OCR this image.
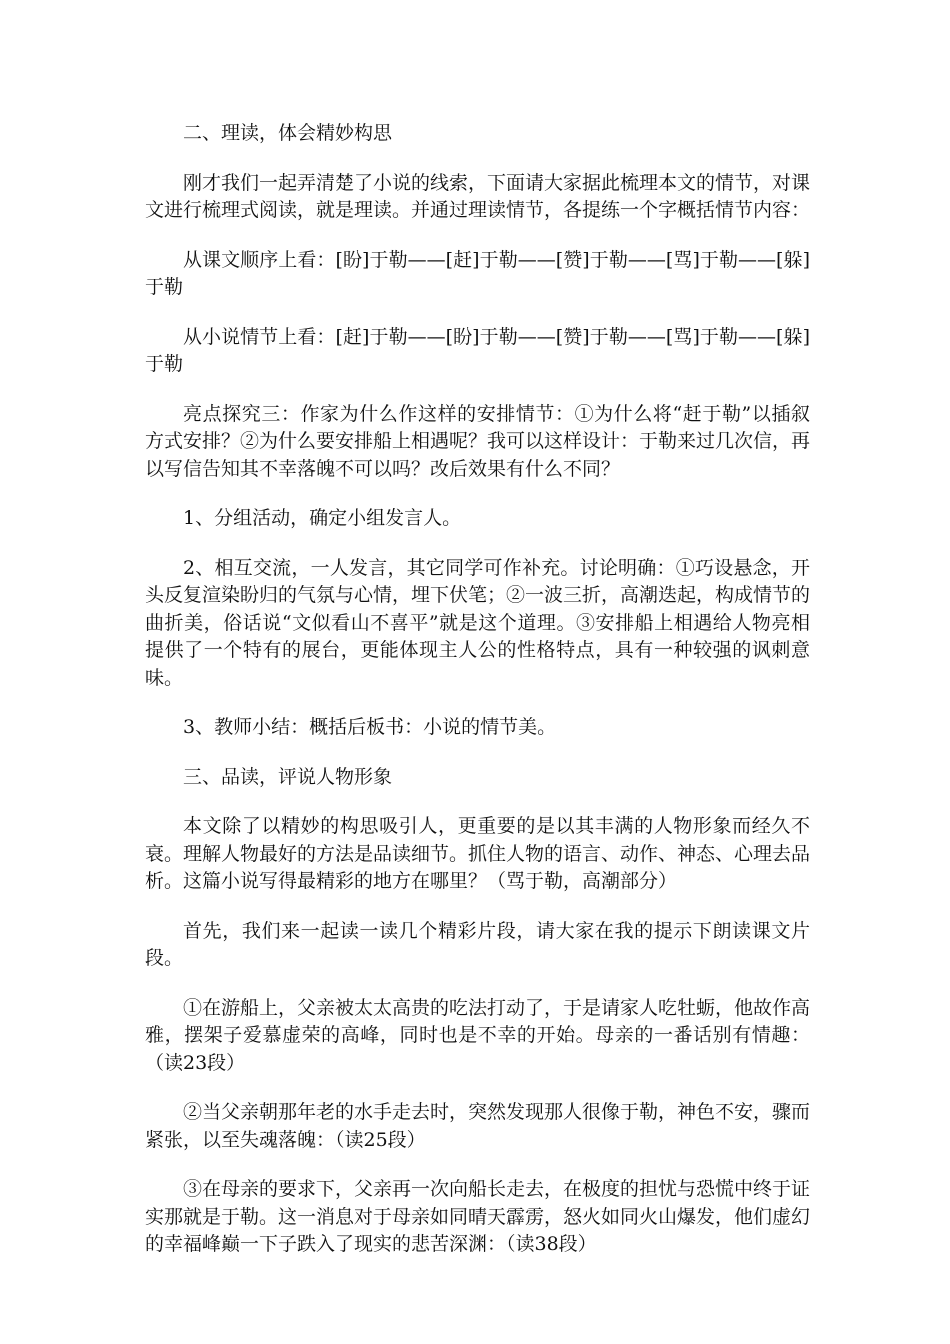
二、理读，体会精妙构思

刚才我们一起弄清楚了小说的线索，下面请大家据此梳理本文的情节，对课文进行梳理式阅读，就是理读。并通过理读情节，各提练一个字概括情节内容：

从课文顺序上看：[盼]于勒——[赶]于勒——[赞]于勒——[骂]于勒——[躲]于勒

从小说情节上看：[赶]于勒——[盼]于勒——[赞]于勒——[骂]于勒——[躲]于勒

亮点探究三：作家为什么作这样的安排情节：①为什么将“赶于勒”以插叙方式安排？②为什么要安排船上相遇呢？我可以这样设计：于勒来过几次信，再以写信告知其不幸落魄不可以吗？改后效果有什么不同？

1、分组活动，确定小组发言人。

2、相互交流，一人发言，其它同学可作补充。讨论明确：①巧设悬念，开头反复渲染盼归的气氛与心情，埋下伏笔；②一波三折，高潮迭起，构成情节的曲折美，俗话说“文似看山不喜平”就是这个道理。③安排船上相遇给人物亮相提供了一个特有的展台，更能体现主人公的性格特点，具有一种较强的讽刺意味。

3、教师小结：概括后板书：小说的情节美。

三、品读，评说人物形象

本文除了以精妙的构思吸引人，更重要的是以其丰满的人物形象而经久不衰。理解人物最好的方法是品读细节。抓住人物的语言、动作、神态、心理去品析。这篇小说写得最精彩的地方在哪里？（骂于勒，高潮部分）

首先，我们来一起读一读几个精彩片段，请大家在我的提示下朗读课文片段。

①在游船上，父亲被太太高贵的吃法打动了，于是请家人吃牡蛎，他故作高雅，摆架子爱慕虚荣的高峰，同时也是不幸的开始。母亲的一番话别有情趣：（读23段）

②当父亲朝那年老的水手走去时，突然发现那人很像于勒，神色不安，骤而紧张，以至失魂落魄：（读25段）

③在母亲的要求下，父亲再一次向船长走去，在极度的担忧与恐慌中终于证实那就是于勒。这一消息对于母亲如同晴天霹雳，怒火如同火山爆发，他们虚幻的幸福峰巅一下子跌入了现实的悲苦深渊：（读38段）
